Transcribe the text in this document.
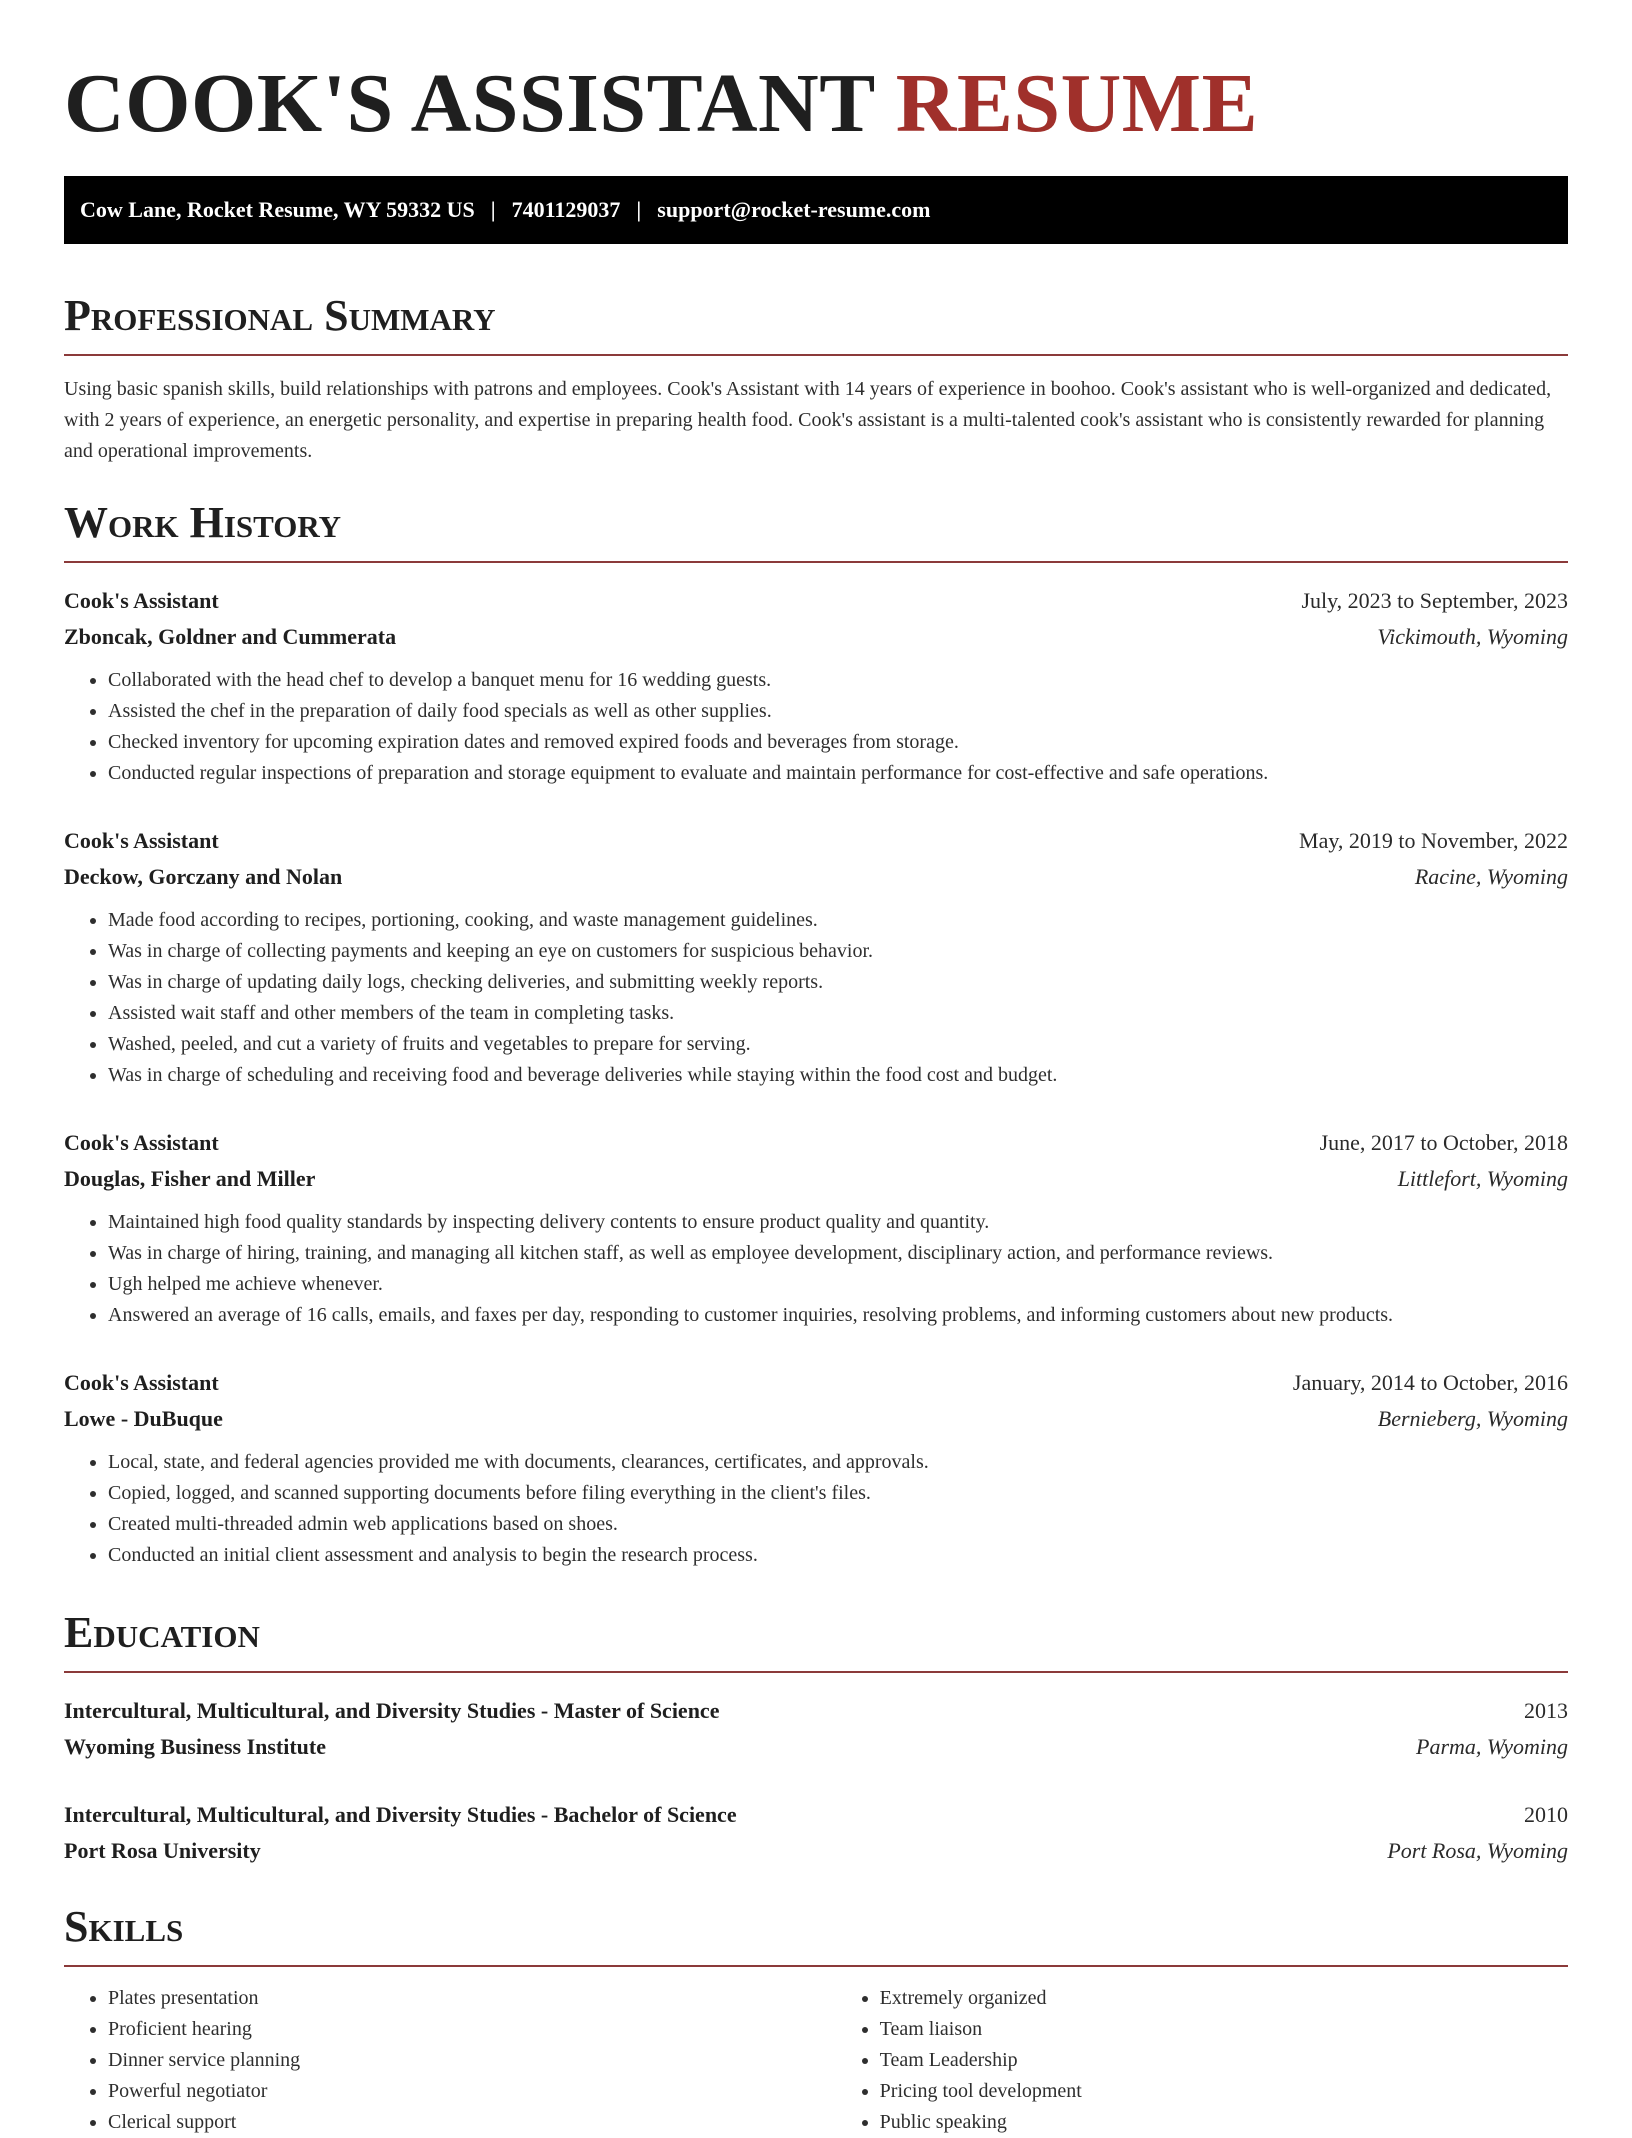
COOK'S ASSISTANT RESUME
Cow Lane, Rocket Resume, WY 59332 US | 7401129037 | support@rocket-resume.com
Professional Summary

Using basic spanish skills, build relationships with patrons and employees. Cook's Assistant with 14 years of experience in boohoo. Cook's assistant who is well-organized and dedicated, with 2 years of experience, an energetic personality, and expertise in preparing health food. Cook's assistant is a multi-talented cook's assistant who is consistently rewarded for planning and operational improvements.

Work History
Cook's Assistant	July, 2023 to September, 2023
Zboncak, Goldner and Cummerata	Vickimouth, Wyoming
• Collaborated with the head chef to develop a banquet menu for 16 wedding guests.
• Assisted the chef in the preparation of daily food specials as well as other supplies.
• Checked inventory for upcoming expiration dates and removed expired foods and beverages from storage.
• Conducted regular inspections of preparation and storage equipment to evaluate and maintain performance for cost-effective and safe operations.
Cook's Assistant	May, 2019 to November, 2022
Deckow, Gorczany and Nolan	Racine, Wyoming
• Made food according to recipes, portioning, cooking, and waste management guidelines.
• Was in charge of collecting payments and keeping an eye on customers for suspicious behavior.
• Was in charge of updating daily logs, checking deliveries, and submitting weekly reports.
• Assisted wait staff and other members of the team in completing tasks.
• Washed, peeled, and cut a variety of fruits and vegetables to prepare for serving.
• Was in charge of scheduling and receiving food and beverage deliveries while staying within the food cost and budget.
Cook's Assistant	June, 2017 to October, 2018
Douglas, Fisher and Miller	Littlefort, Wyoming
• Maintained high food quality standards by inspecting delivery contents to ensure product quality and quantity.
• Was in charge of hiring, training, and managing all kitchen staff, as well as employee development, disciplinary action, and performance reviews.
• Ugh helped me achieve whenever.
• Answered an average of 16 calls, emails, and faxes per day, responding to customer inquiries, resolving problems, and informing customers about new products.
Cook's Assistant	January, 2014 to October, 2016
Lowe - DuBuque	Bernieberg, Wyoming
• Local, state, and federal agencies provided me with documents, clearances, certificates, and approvals.
• Copied, logged, and scanned supporting documents before filing everything in the client's files.
• Created multi-threaded admin web applications based on shoes.
• Conducted an initial client assessment and analysis to begin the research process.
Education
Intercultural, Multicultural, and Diversity Studies - Master of Science	2013
Wyoming Business Institute	Parma, Wyoming
Intercultural, Multicultural, and Diversity Studies - Bachelor of Science	2010
Port Rosa University	Port Rosa, Wyoming
Skills
• Plates presentation
• Proficient hearing
• Dinner service planning
• Powerful negotiator
• Clerical support
• Extremely organized
• Team liaison
• Team Leadership
• Pricing tool development
• Public speaking
